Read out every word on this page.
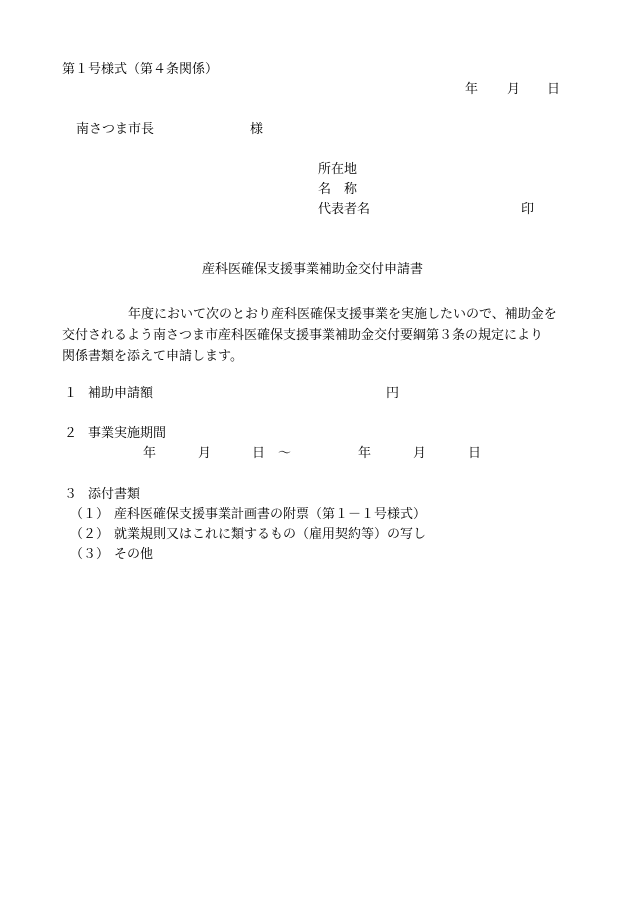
第１号様式（第４条関係）
年 月 日
南さつま市長	様
所在地
名　称
代表者名	印
産科医確保支援事業補助金交付申請書

年度において次のとおり産科医確保支援事業を実施したいので、補助金を
交付されるよう南さつま市産科医確保支援事業補助金交付要綱第３条の規定により
関係書類を添えて申請します。

１ 補助申請額	円
２ 事業実施期間
年	月	日 ～	年	月	日
３ 添付書類
（１） 産科医確保支援事業計画書の附票（第１－１号様式）
（２） 就業規則又はこれに類するもの（雇用契約等）の写し
（３） その他
